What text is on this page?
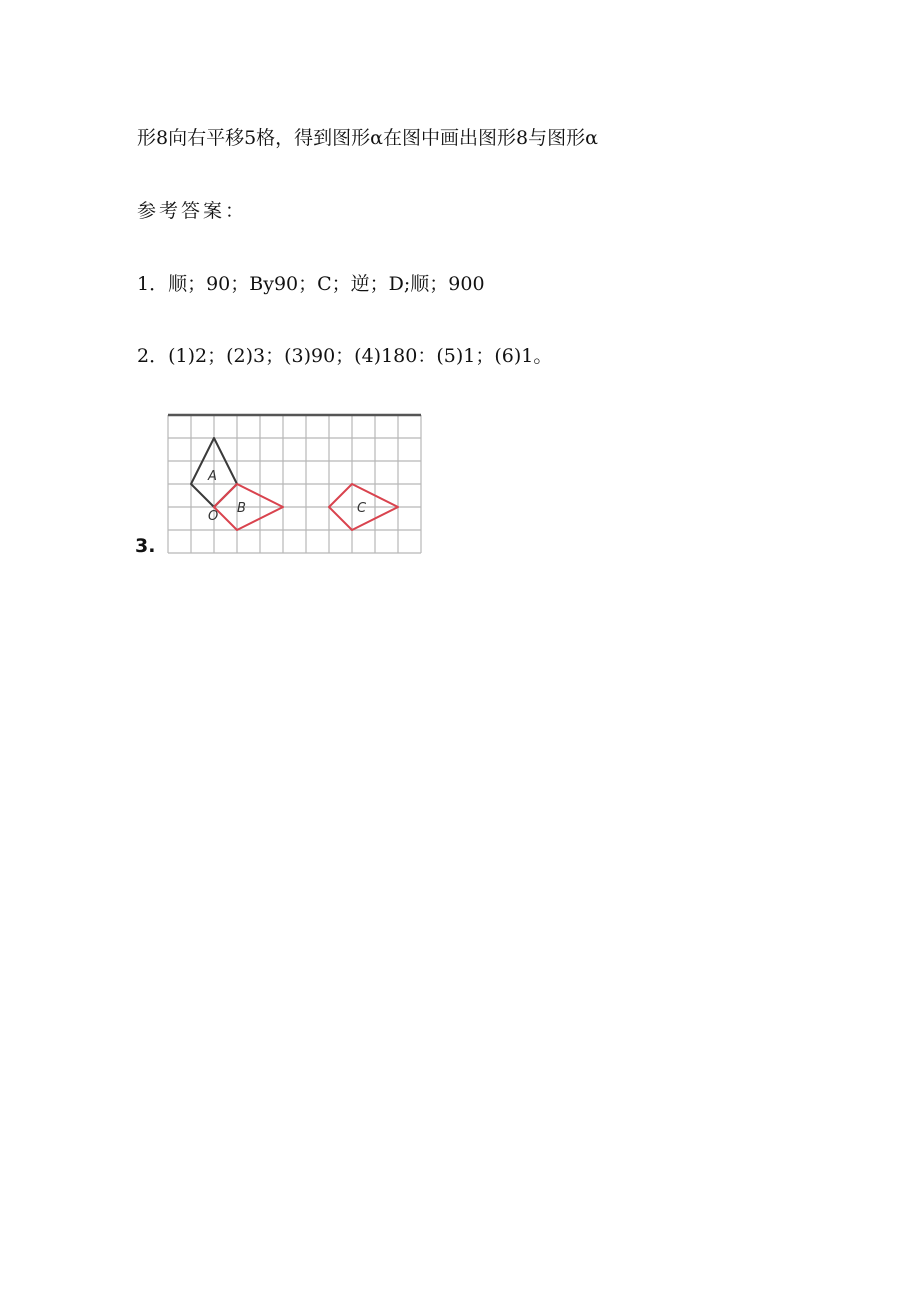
形8向右平移5格，得到图形α在图中画出图形8与图形α
参考答案：
1．顺；90；By90；C；逆；D;顺；900
2．(1)2；(2)3；(3)90；(4)180：(5)1；(6)1。
3.
A
B	C
O
